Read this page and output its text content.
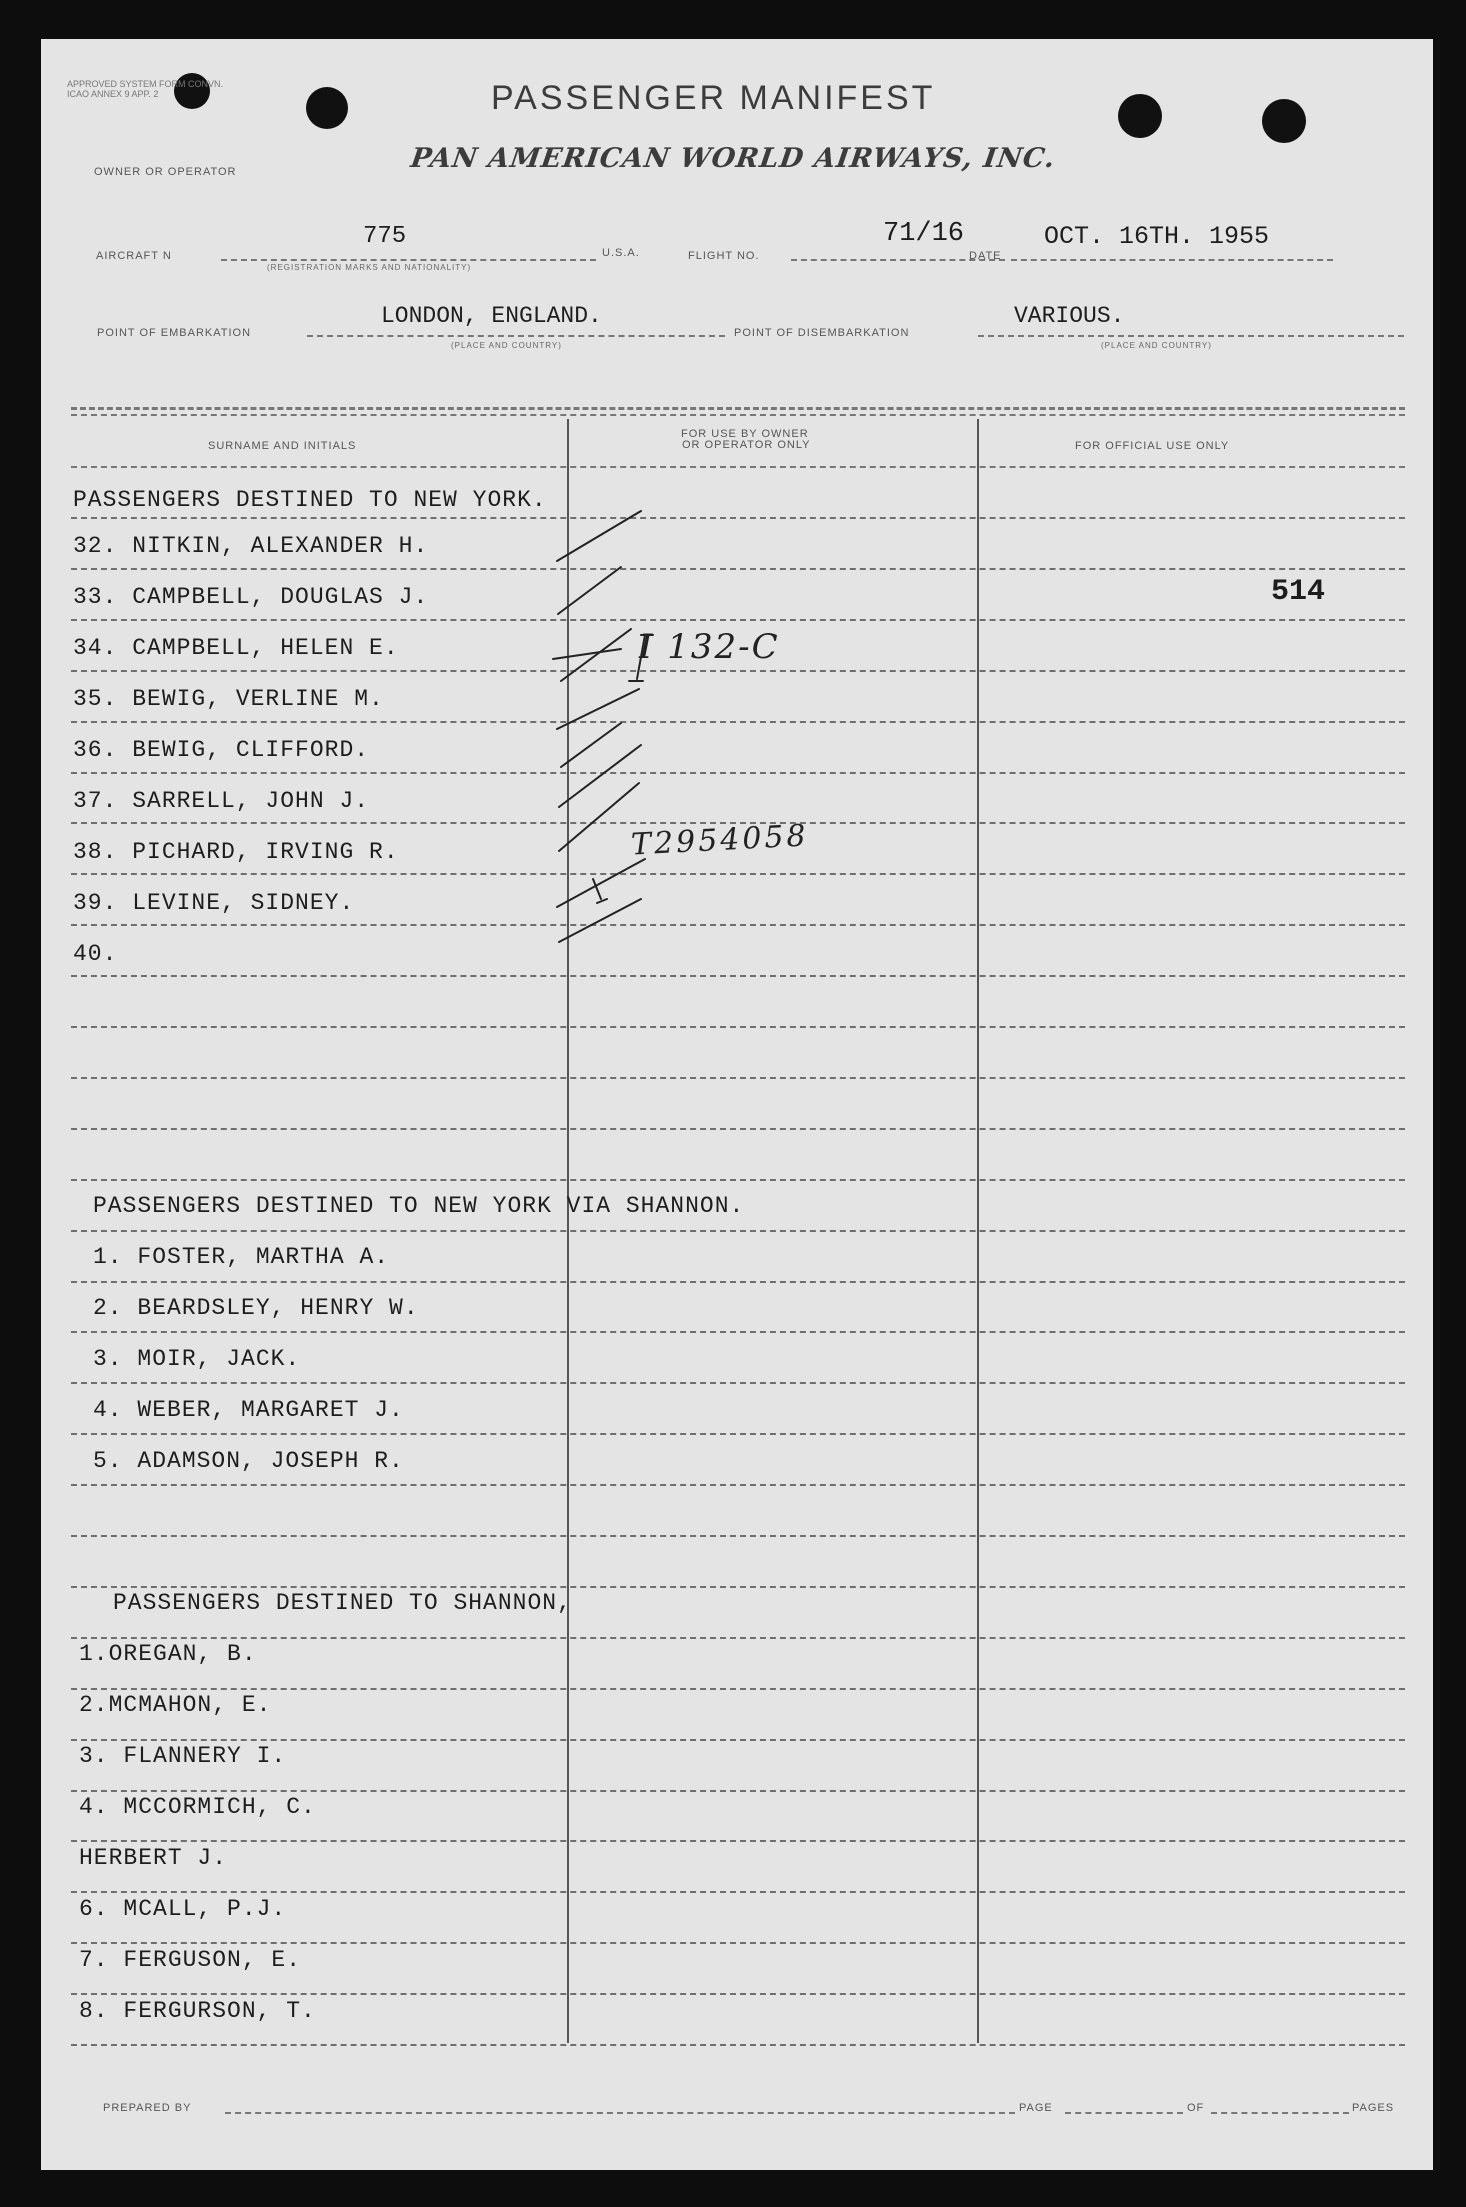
APPROVED SYSTEM FORM CONVN. ICAO ANNEX 9 APP. 2	PASSENGER MANIFEST
OWNER OR OPERATOR	PAN AMERICAN WORLD AIRWAYS, INC.
AIRCRAFT N
775
(REGISTRATION MARKS AND NATIONALITY)
U.S.A.	FLIGHT NO.
71/16
DATE
OCT. 16TH. 1955
POINT OF EMBARKATION
LONDON, ENGLAND.
(PLACE AND COUNTRY)
POINT OF DISEMBARKATION
VARIOUS.
(PLACE AND COUNTRY)
SURNAME AND INITIALS
FOR USE BY OWNER
OR OPERATOR ONLY	FOR OFFICIAL USE ONLY
PASSENGERS DESTINED TO NEW YORK.
32. NITKIN, ALEXANDER H.
33. CAMPBELL, DOUGLAS J.
34. CAMPBELL, HELEN E.
35. BEWIG, VERLINE M.
36. BEWIG, CLIFFORD.
37. SARRELL, JOHN J.
38. PICHARD, IRVING R.
39. LEVINE, SIDNEY.
40.
PASSENGERS DESTINED TO NEW YORK VIA SHANNON.
1. FOSTER, MARTHA A.
2. BEARDSLEY, HENRY W.
3. MOIR, JACK.
4. WEBER, MARGARET J.
5. ADAMSON, JOSEPH R.
PASSENGERS DESTINED TO SHANNON,
1.OREGAN, B.
2.MCMAHON, E.
3. FLANNERY I.
4. MCCORMICH, C.
HERBERT J.
6. MCALL, P.J.
7. FERGUSON, E.
8. FERGURSON, T.
I 132-C
T2954058
514
PREPARED BY	PAGE	OF	PAGES
